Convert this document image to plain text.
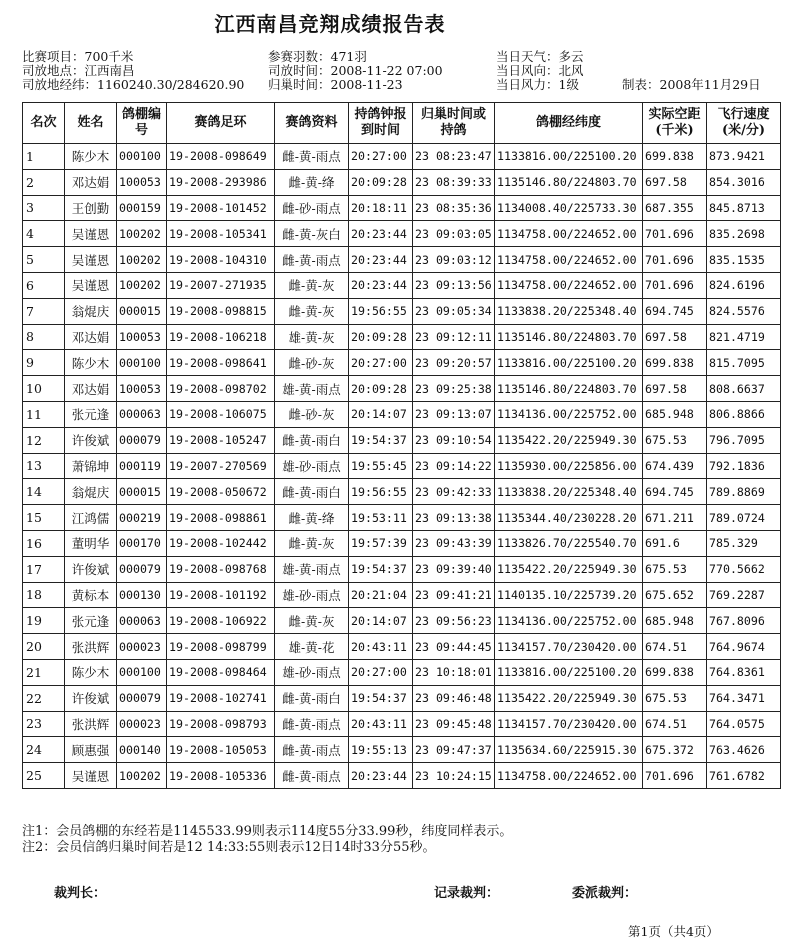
江西南昌竞翔成绩报告表
比赛项目：700千米
司放地点：江西南昌
司放地经纬：1160240.30/284620.90
参赛羽数：471羽
司放时间：2008-11-22 07:00
归巢时间：2008-11-23
当日天气：多云
当日风向：北风
当日风力：1级	制表：2008年11月29日
名次	姓名	鸽棚编号	赛鸽足环	赛鸽资料	持鸽钟报到时间	归巢时间或持鸽	鸽棚经纬度	实际空距(千米)	飞行速度(米/分)
1	陈少木	000100	19-2008-098649	雌-黄-雨点	20:27:00	23 08:23:47	1133816.00/225100.20	699.838	873.9421
2	邓达娟	100053	19-2008-293986	雌-黄-绛	20:09:28	23 08:39:33	1135146.80/224803.70	697.58	854.3016
3	王创勤	000159	19-2008-101452	雌-砂-雨点	20:18:11	23 08:35:36	1134008.40/225733.30	687.355	845.8713
4	吴谨恩	100202	19-2008-105341	雌-黄-灰白	20:23:44	23 09:03:05	1134758.00/224652.00	701.696	835.2698
5	吴谨恩	100202	19-2008-104310	雌-黄-雨点	20:23:44	23 09:03:12	1134758.00/224652.00	701.696	835.1535
6	吴谨恩	100202	19-2007-271935	雌-黄-灰	20:23:44	23 09:13:56	1134758.00/224652.00	701.696	824.6196
7	翁焜庆	000015	19-2008-098815	雌-黄-灰	19:56:55	23 09:05:34	1133838.20/225348.40	694.745	824.5576
8	邓达娟	100053	19-2008-106218	雄-黄-灰	20:09:28	23 09:12:11	1135146.80/224803.70	697.58	821.4719
9	陈少木	000100	19-2008-098641	雌-砂-灰	20:27:00	23 09:20:57	1133816.00/225100.20	699.838	815.7095
10	邓达娟	100053	19-2008-098702	雄-黄-雨点	20:09:28	23 09:25:38	1135146.80/224803.70	697.58	808.6637
11	张元逢	000063	19-2008-106075	雌-砂-灰	20:14:07	23 09:13:07	1134136.00/225752.00	685.948	806.8866
12	许俊斌	000079	19-2008-105247	雌-黄-雨白	19:54:37	23 09:10:54	1135422.20/225949.30	675.53	796.7095
13	萧锦坤	000119	19-2007-270569	雄-砂-雨点	19:55:45	23 09:14:22	1135930.00/225856.00	674.439	792.1836
14	翁焜庆	000015	19-2008-050672	雌-黄-雨白	19:56:55	23 09:42:33	1133838.20/225348.40	694.745	789.8869
15	江鸿儒	000219	19-2008-098861	雌-黄-绛	19:53:11	23 09:13:38	1135344.40/230228.20	671.211	789.0724
16	董明华	000170	19-2008-102442	雌-黄-灰	19:57:39	23 09:43:39	1133826.70/225540.70	691.6	785.329
17	许俊斌	000079	19-2008-098768	雄-黄-雨点	19:54:37	23 09:39:40	1135422.20/225949.30	675.53	770.5662
18	黄标本	000130	19-2008-101192	雄-砂-雨点	20:21:04	23 09:41:21	1140135.10/225739.20	675.652	769.2287
19	张元逢	000063	19-2008-106922	雌-黄-灰	20:14:07	23 09:56:23	1134136.00/225752.00	685.948	767.8096
20	张洪辉	000023	19-2008-098799	雄-黄-花	20:43:11	23 09:44:45	1134157.70/230420.00	674.51	764.9674
21	陈少木	000100	19-2008-098464	雄-砂-雨点	20:27:00	23 10:18:01	1133816.00/225100.20	699.838	764.8361
22	许俊斌	000079	19-2008-102741	雌-黄-雨白	19:54:37	23 09:46:48	1135422.20/225949.30	675.53	764.3471
23	张洪辉	000023	19-2008-098793	雌-黄-雨点	20:43:11	23 09:45:48	1134157.70/230420.00	674.51	764.0575
24	顾惠强	000140	19-2008-105053	雌-黄-雨点	19:55:13	23 09:47:37	1135634.60/225915.30	675.372	763.4626
25	吴谨恩	100202	19-2008-105336	雌-黄-雨点	20:23:44	23 10:24:15	1134758.00/224652.00	701.696	761.6782
注1：会员鸽棚的东经若是1145533.99则表示114度55分33.99秒，纬度同样表示。
注2：会员信鸽归巢时间若是12 14:33:55则表示12日14时33分55秒。
裁判长：	记录裁判：	委派裁判：
第1页（共4页）
